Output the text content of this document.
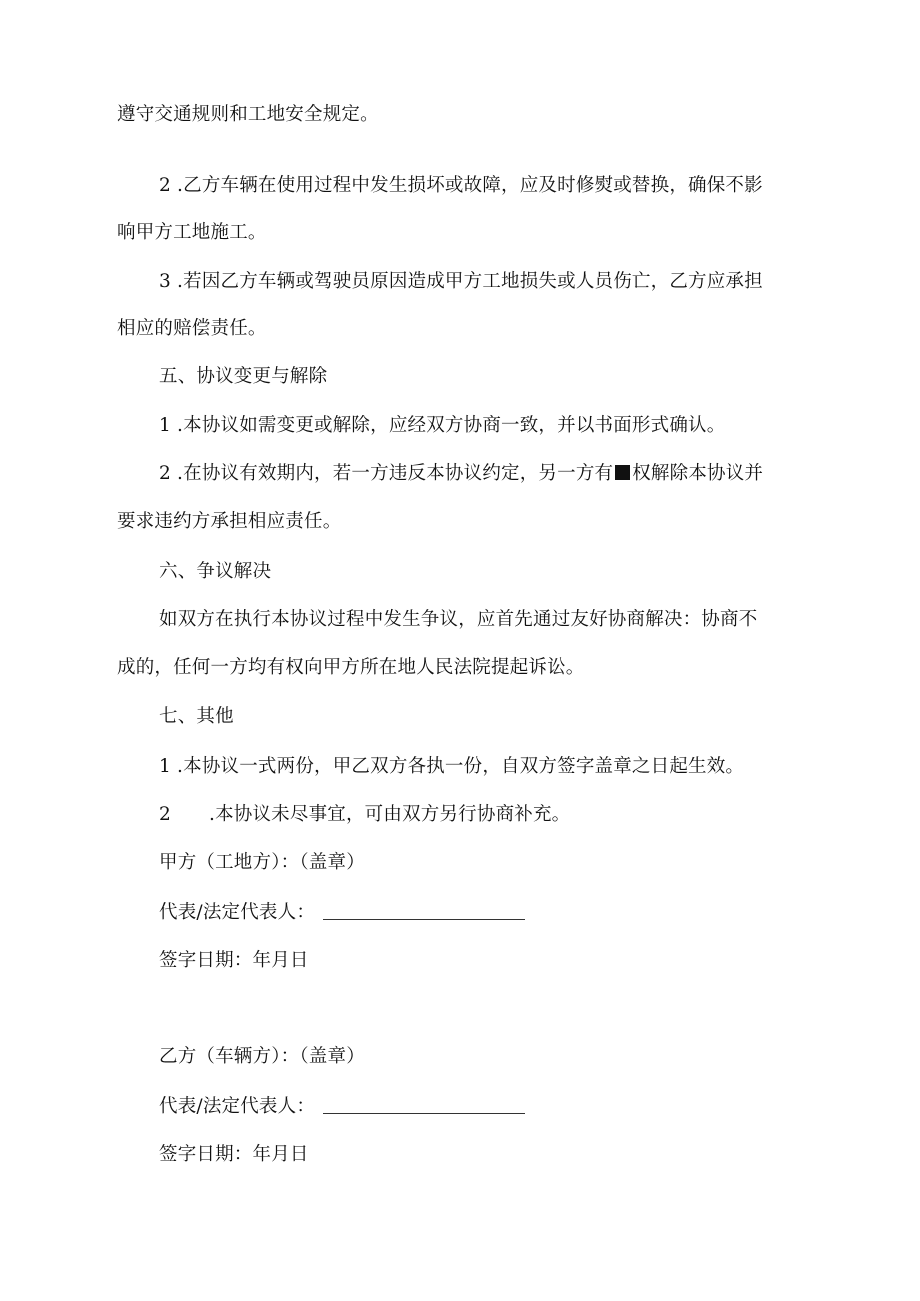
遵守交通规则和工地安全规定。
2 .乙方车辆在使用过程中发生损坏或故障，应及时修熨或替换，确保不影
响甲方工地施工。
3 .若因乙方车辆或驾驶员原因造成甲方工地损失或人员伤亡，乙方应承担
相应的赔偿责任。
五、协议变更与解除
1 .本协议如需变更或解除，应经双方协商一致，并以书面形式确认。
2 .在协议有效期内，若一方违反本协议约定，另一方有 权解除本协议并
要求违约方承担相应责任。
六、争议解决
如双方在执行本协议过程中发生争议，应首先通过友好协商解决：协商不
成的，任何一方均有权向甲方所在地人民法院提起诉讼。
七、其他
1 .本协议一式两份，甲乙双方各执一份，自双方签字盖章之日起生效。
2 .本协议未尽事宜，可由双方另行协商补充。
甲方（工地方）：（盖章）
代表/法定代表人：
签字日期：年月日
乙方（车辆方）：（盖章）
代表/法定代表人：
签字日期：年月日
